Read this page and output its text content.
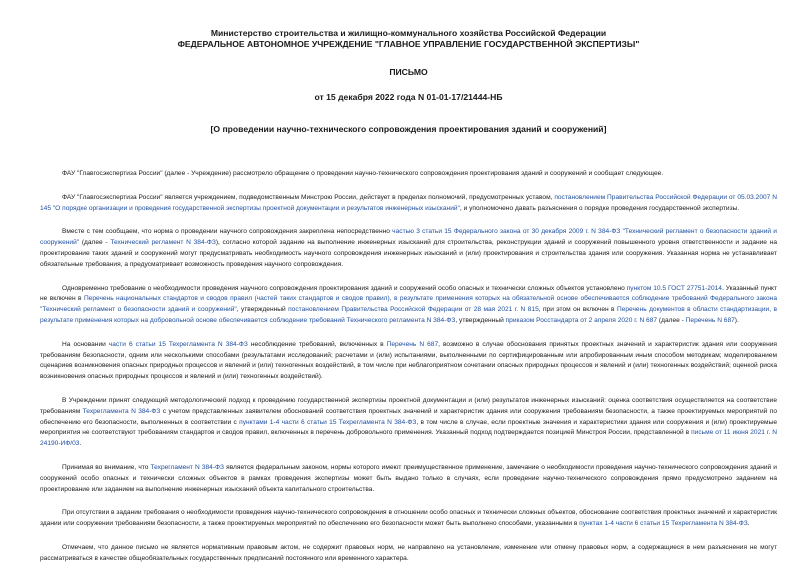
Министерство строительства и жилищно-коммунального хозяйства Российской Федерации
ФЕДЕРАЛЬНОЕ АВТОНОМНОЕ УЧРЕЖДЕНИЕ "ГЛАВНОЕ УПРАВЛЕНИЕ ГОСУДАРСТВЕННОЙ ЭКСПЕРТИЗЫ"
ПИСЬМО
от 15 декабря 2022 года N 01-01-17/21444-НБ
[О проведении научно-технического сопровождения проектирования зданий и сооружений]

ФАУ "Главгосэкспертиза России" (далее - Учреждение) рассмотрело обращение о проведении научно-технического сопровождения проектирования зданий и сооружений и сообщает следующее.

ФАУ "Главгосэкспертиза России" является учреждением, подведомственным Минстрою России, действует в пределах полномочий, предусмотренных уставом, постановлением Правительства Российской Федерации от 05.03.2007 N 145 "О порядке организации и проведения государственной экспертизы проектной документации и результатов инженерных изысканий", и уполномочено давать разъяснения о порядке проведения государственной экспертизы.

Вместе с тем сообщаем, что норма о проведении научного сопровождения закреплена непосредственно частью 3 статьи 15 Федерального закона от 30 декабря 2009 г. N 384-ФЗ "Технический регламент о безопасности зданий и сооружений" (далее - Технический регламент N 384-ФЗ), согласно которой задание на выполнение инженерных изысканий для строительства, реконструкции зданий и сооружений повышенного уровня ответственности и задание на проектирование таких зданий и сооружений могут предусматривать необходимость научного сопровождения инженерных изысканий и (или) проектирования и строительства здания или сооружения. Указанная норма не устанавливает обязательные требования, а предусматривает возможность проведения научного сопровождения.

Одновременно требование о необходимости проведения научного сопровождения проектирования зданий и сооружений особо опасных и технически сложных объектов установлено пунктом 10.5 ГОСТ 27751-2014. Указанный пункт не включен в Перечень национальных стандартов и сводов правил (частей таких стандартов и сводов правил), в результате применения которых на обязательной основе обеспечивается соблюдение требований Федерального закона "Технический регламент о безопасности зданий и сооружений", утвержденный постановлением Правительства Российской Федерации от 28 мая 2021 г. N 815, при этом он включен в Перечень документов в области стандартизации, в результате применения которых на добровольной основе обеспечивается соблюдение требований Технического регламента N 384-ФЗ, утвержденный приказом Росстандарта от 2 апреля 2020 г. N 687 (далее - Перечень N 687).

На основании части 6 статьи 15 Техрегламента N 384-ФЗ несоблюдение требований, включенных в Перечень N 687, возможно в случае обоснования принятых проектных значений и характеристик здания или сооружения требованиям безопасности, одним или несколькими способами (результатами исследований; расчетами и (или) испытаниями, выполненными по сертифицированным или апробированным иным способом методикам; моделированием сценариев возникновения опасных природных процессов и явлений и (или) техногенных воздействий, в том числе при неблагоприятном сочетании опасных природных процессов и явлений и (или) техногенных воздействий; оценкой риска возникновения опасных природных процессов и явлений и (или) техногенных воздействий).

В Учреждении принят следующий методологический подход к проведению государственной экспертизы проектной документации и (или) результатов инженерных изысканий: оценка соответствия осуществляется на соответствие требованиям Техрегламента N 384-ФЗ с учетом представленных заявителем обоснований соответствия проектных значений и характеристик здания или сооружения требованиям безопасности, а также проектируемых мероприятий по обеспечению его безопасности, выполненных в соответствии с пунктами 1-4 части 6 статьи 15 Техрегламента N 384-ФЗ, в том числе в случае, если проектные значения и характеристики здания или сооружения и (или) проектируемые мероприятия не соответствуют требованиям стандартов и сводов правил, включенных в перечень добровольного применения. Указанный подход подтверждается позицией Минстроя России, представленной в письме от 11 июня 2021 г. N 24190-ИФ/03.

Принимая во внимание, что Техрегламент N 384-ФЗ является федеральным законом, нормы которого имеют преимущественное применение, замечание о необходимости проведения научно-технического сопровождения зданий и сооружений особо опасных и технически сложных объектов в рамках проведения экспертизы может быть выдано только в случаях, если проведение научно-технического сопровождения прямо предусмотрено заданием на проектирование или заданием на выполнение инженерных изысканий объекта капитального строительства.

При отсутствии в задании требования о необходимости проведения научно-технического сопровождения в отношении особо опасных и технически сложных объектов, обоснование соответствия проектных значений и характеристик здании или сооружении требованиям безопасности, а также проектируемых мероприятий по обеспечению его безопасности может быть выполнено способами, указанными в пунктах 1-4 части 6 статьи 15 Техрегламента N 384-ФЗ.

Отмечаем, что данное письмо не является нормативным правовым актом, не содержит правовых норм, не направлено на установление, изменение или отмену правовых норм, а содержащиеся в нем разъяснения не могут рассматриваться в качестве общеобязательных государственных предписаний постоянного или временного характера.
